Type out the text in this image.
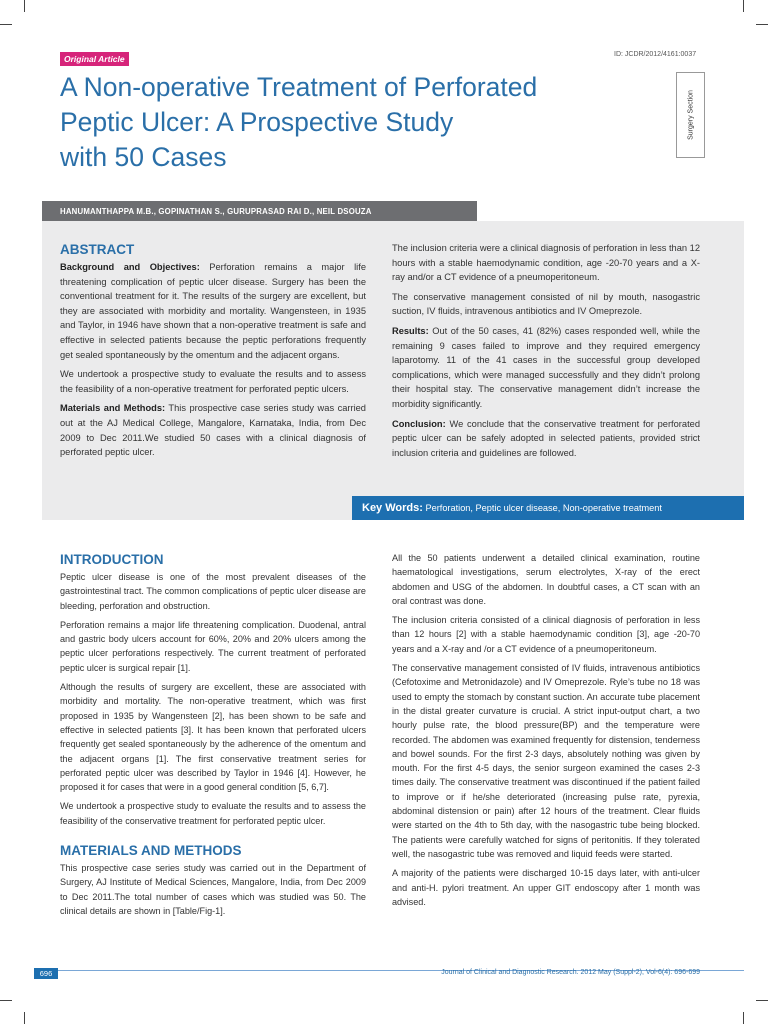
Original Article	ID: JCDR/2012/4161:0037
A Non-operative Treatment of Perforated
Peptic Ulcer: A Prospective Study
with 50 Cases
Surgery Section
HANUMANTHAPPA M.B., GOPINATHAN S., GURUPRASAD RAI D., NEIL DSOUZA
ABSTRACT

Background and Objectives: Perforation remains a major life threatening complication of peptic ulcer disease. Surgery has been the conventional treatment for it. The results of the surgery are excellent, but they are associated with morbidity and mortality. Wangensteen, in 1935 and Taylor, in 1946 have shown that a non-operative treatment is safe and effective in selected patients because the peptic perforations frequently get sealed spontaneously by the omentum and the adjacent organs.

We undertook a prospective study to evaluate the results and to assess the feasibility of a non-operative treatment for perforated peptic ulcers.

Materials and Methods: This prospective case series study was carried out at the AJ Medical College, Mangalore, Karnataka, India, from Dec 2009 to Dec 2011.We studied 50 cases with a clinical diagnosis of perforated peptic ulcer.

The inclusion criteria were a clinical diagnosis of perforation in less than 12 hours with a stable haemodynamic condition, age -20-70 years and a X-ray and/or a CT evidence of a pneumoperitoneum.

The conservative management consisted of nil by mouth, nasogastric suction, IV fluids, intravenous antibiotics and IV Omeprezole.

Results: Out of the 50 cases, 41 (82%) cases responded well, while the remaining 9 cases failed to improve and they required emergency laparotomy. 11 of the 41 cases in the successful group developed complications, which were managed successfully and they didn’t prolong their hospital stay. The conservative management didn’t increase the morbidity significantly.

Conclusion: We conclude that the conservative treatment for perforated peptic ulcer can be safely adopted in selected patients, provided strict inclusion criteria and guidelines are followed.

Key Words: Perforation, Peptic ulcer disease, Non-operative treatment
INTRODUCTION

Peptic ulcer disease is one of the most prevalent diseases of the gastrointestinal tract. The common complications of peptic ulcer disease are bleeding, perforation and obstruction.

Perforation remains a major life threatening complication. Duodenal, antral and gastric body ulcers account for 60%, 20% and 20% ulcers among the peptic ulcer perforations respectively. The current treatment of perforated peptic ulcer is surgical repair [1].

Although the results of surgery are excellent, these are associated with morbidity and mortality. The non-operative treatment, which was first proposed in 1935 by Wangensteen [2], has been shown to be safe and effective in selected patients [3]. It has been known that perforated ulcers frequently get sealed spontaneously by the adherence of the omentum and the adjacent organs [1]. The first conservative treatment series for perforated peptic ulcer was described by Taylor in 1946 [4]. However, he proposed it for cases that were in a good general condition [5, 6,7].

We undertook a prospective study to evaluate the results and to assess the feasibility of the conservative treatment for perforated peptic ulcer.

MATERIALS AND METHODS

This prospective case series study was carried out in the Department of Surgery, AJ Institute of Medical Sciences, Mangalore, India, from Dec 2009 to Dec 2011.The total number of cases which was studied was 50. The clinical details are shown in [Table/Fig-1].

All the 50 patients underwent a detailed clinical examination, routine haematological investigations, serum electrolytes, X-ray of the erect abdomen and USG of the abdomen. In doubtful cases, a CT scan with an oral contrast was done.

The inclusion criteria consisted of a clinical diagnosis of perforation in less than 12 hours [2] with a stable haemodynamic condition [3], age -20-70 years and a X-ray and /or a CT evidence of a pneumoperitoneum.

The conservative management consisted of IV fluids, intravenous antibiotics (Cefotoxime and Metronidazole) and IV Omeprezole. Ryle’s tube no 18 was used to empty the stomach by constant suction. An accurate tube placement in the distal greater curvature is crucial. A strict input-output chart, a two hourly pulse rate, the blood pressure(BP) and the temperature were recorded. The abdomen was examined frequently for distension, tenderness and bowel sounds. For the first 2-3 days, absolutely nothing was given by mouth. For the first 4-5 days, the senior surgeon examined the cases 2-3 times daily. The conservative treatment was discontinued if the patient failed to improve or if he/she deteriorated (increasing pulse rate, pyrexia, abdominal distension or pain) after 12 hours of the treatment. Clear fluids were started on the 4th to 5th day, with the nasogastric tube being blocked. The patients were carefully watched for signs of peritonitis. If they tolerated well, the nasogastric tube was removed and liquid feeds were started.

A majority of the patients were discharged 10-15 days later, with anti-ulcer and anti-H. pylori treatment. An upper GIT endoscopy after 1 month was advised.

696	Journal of Clinical and Diagnostic Research. 2012 May (Suppl-2), Vol-6(4): 696-699
